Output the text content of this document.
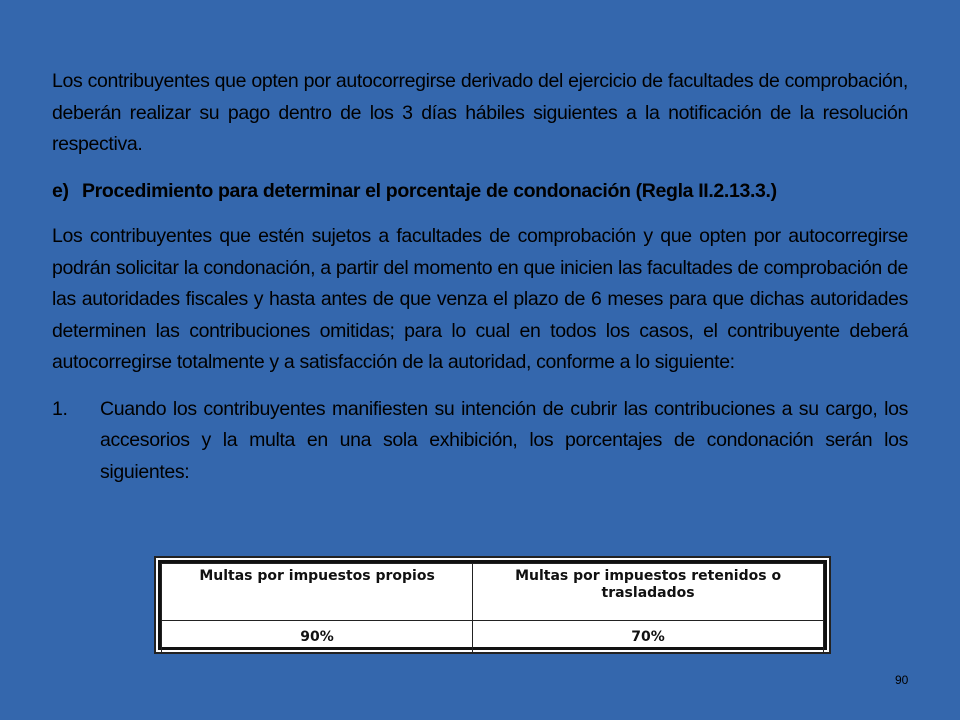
Los contribuyentes que opten por autocorregirse derivado del ejercicio de facultades de comprobación, deberán realizar su pago dentro de los 3 días hábiles siguientes a la notificación de la resolución respectiva.

e) Procedimiento para determinar el porcentaje de condonación (Regla II.2.13.3.)

Los contribuyentes que estén sujetos a facultades de comprobación y que opten por autocorregirse podrán solicitar la condonación, a partir del momento en que inicien las facultades de comprobación de las autoridades fiscales y hasta antes de que venza el plazo de 6 meses para que dichas autoridades determinen las contribuciones omitidas; para lo cual en todos los casos, el contribuyente deberá autocorregirse totalmente y a satisfacción de la autoridad, conforme a lo siguiente:

1.	Cuando los contribuyentes manifiesten su intención de cubrir las contribuciones a su cargo, los accesorios y la multa en una sola exhibición, los porcentajes de condonación serán los siguientes:
Multas por impuestos propios	Multas por impuestos retenidos o trasladados
90%	70%
90
